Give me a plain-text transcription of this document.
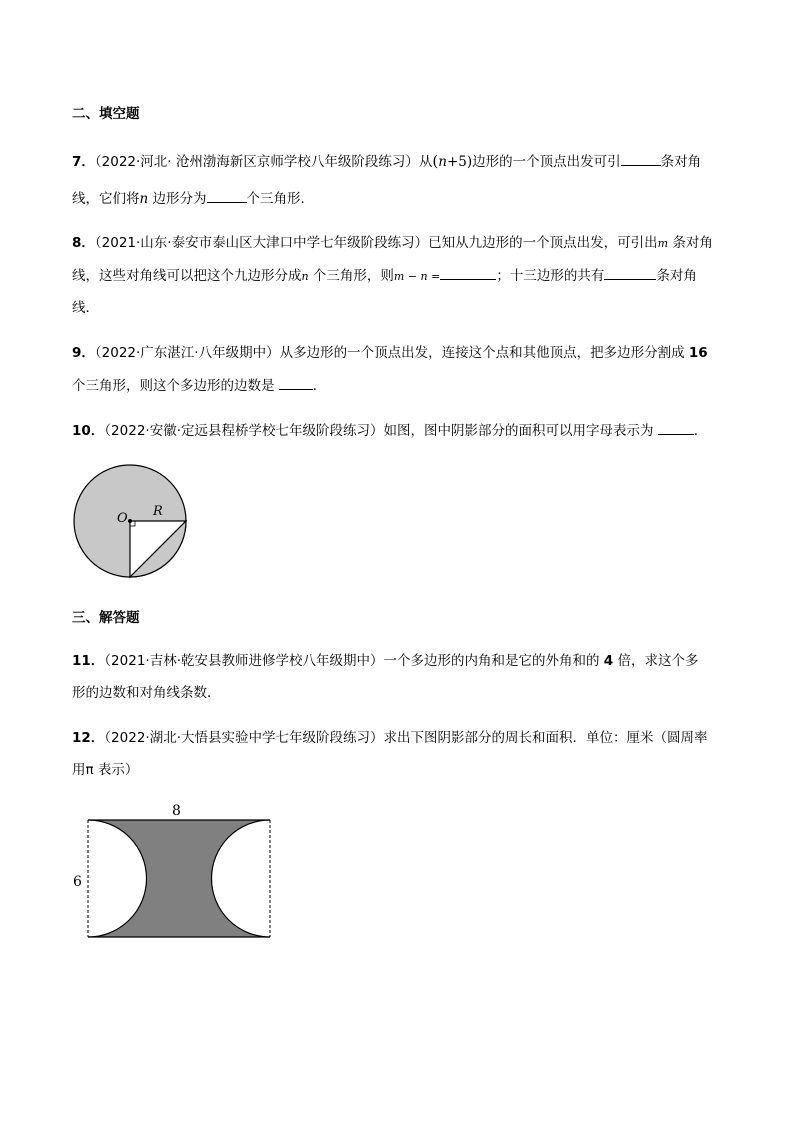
二、填空题
7．（2022·河北· 沧州渤海新区京师学校八年级阶段练习）从(n+5)边形的一个顶点出发可引	条对角
线，它们将n 边形分为	个三角形．
8．（2021·山东·泰安市泰山区大津口中学七年级阶段练习）已知从九边形的一个顶点出发，可引出m 条对角
线，这些对角线可以把这个九边形分成n 个三角形，则m − n =	；十三边形的共有	条对角
线．
9．（2022·广东湛江·八年级期中）从多边形的一个顶点出发，连接这个点和其他顶点，把多边形分割成 16
个三角形，则这个多边形的边数是	．
10．（2022·安徽·定远县程桥学校七年级阶段练习）如图，图中阴影部分的面积可以用字母表示为	．
O R
三、解答题
11．（2021·吉林·乾安县教师进修学校八年级期中）一个多边形的内角和是它的外角和的 4 倍，求这个多
形的边数和对角线条数．
12．（2022·湖北·大悟县实验中学七年级阶段练习）求出下图阴影部分的周长和面积．单位：厘米（圆周率
用π 表示）
8
6
